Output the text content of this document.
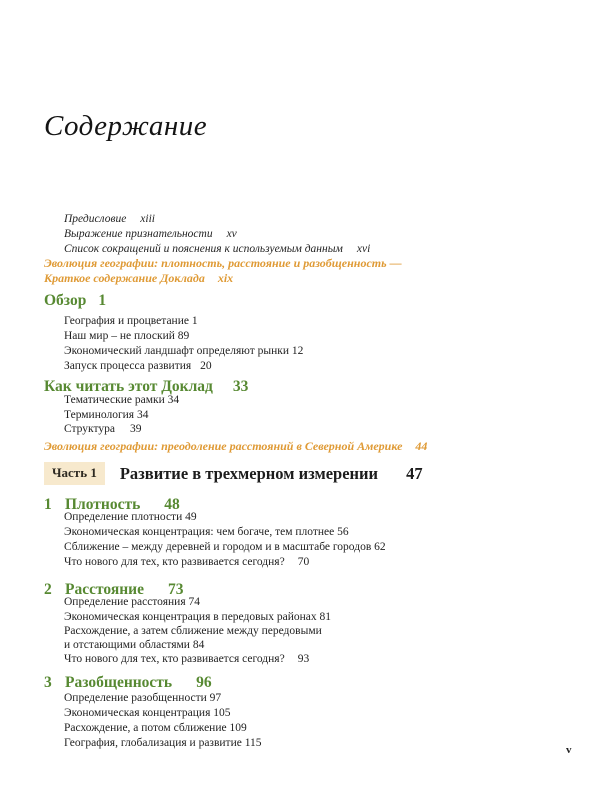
Содержание
Предисловие xiii
Выражение признательности xv
Список сокращений и пояснения к используемым данным xvi
Эволюция географии: плотность, расстояние и разобщенность —
Краткое содержание Доклада xix
Обзор 1
География и процветание 1
Наш мир – не плоский 89
Экономический ландшафт определяют рынки 12
Запуск процесса развития 20
Как читать этот Доклад 33
Тематические рамки 34
Терминология 34
Структура 39
Эволюция географии: преодоление расстояний в Северной Америке 44
Часть 1	Развитие в трехмерном измерении 47
1 Плотность 48
Определение плотности 49
Экономическая концентрация: чем богаче, тем плотнее 56
Сближение – между деревней и городом и в масштабе городов 62
Что нового для тех, кто развивается сегодня? 70
2 Расстояние 73
Определение расстояния 74
Экономическая концентрация в передовых районах 81
Расхождение, а затем сближение между передовыми
и отстающими областями 84
Что нового для тех, кто развивается сегодня? 93
3 Разобщенность 96
Определение разобщенности 97
Экономическая концентрация 105
Расхождение, а потом сближение 109
География, глобализация и развитие 115
v
